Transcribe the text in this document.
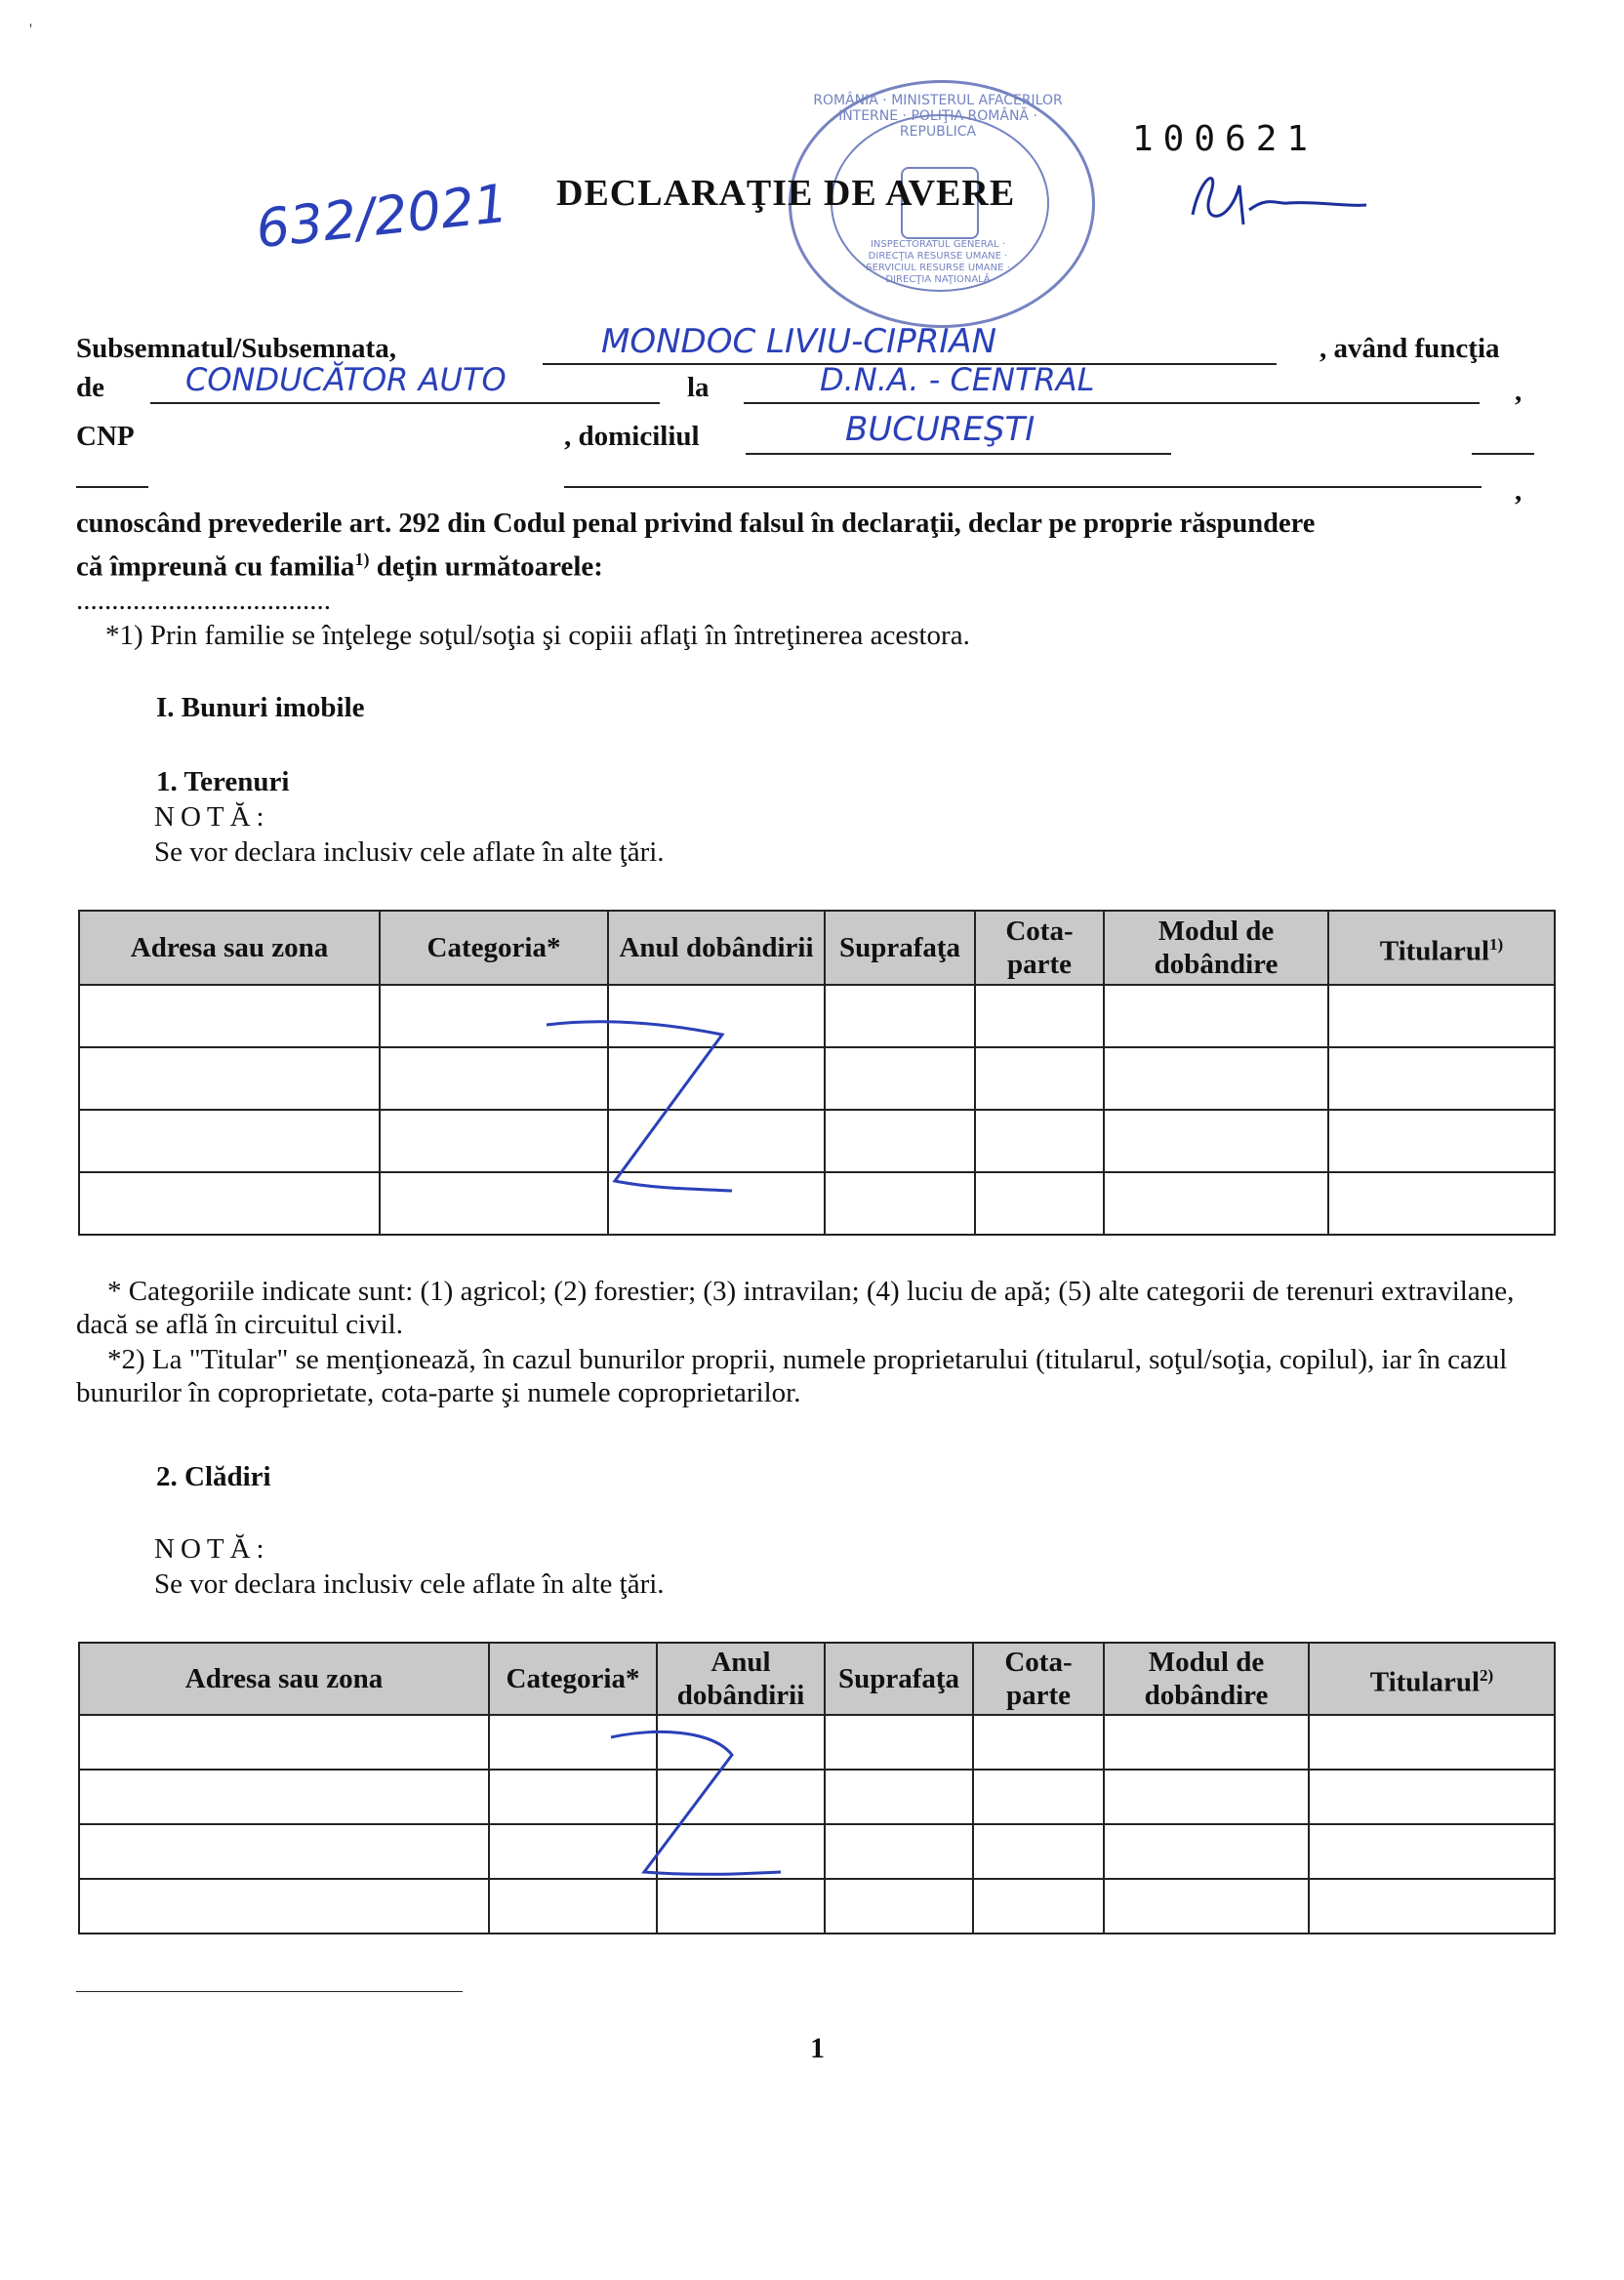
'
632/2021
100621
ROMÂNIA · MINISTERUL AFACERILOR INTERNE · POLIŢIA ROMÂNĂ · REPUBLICA
INSPECTORATUL GENERAL · DIRECŢIA RESURSE UMANE · SERVICIUL RESURSE UMANE · DIRECŢIA NAŢIONALĂ
DECLARAŢIE DE AVERE
Subsemnatul/Subsemnata,	MONDOC LIVIU-CIPRIAN	, având funcţia
de	CONDUCĂTOR AUTO	la	D.N.A. - CENTRAL	,
CNP	, domiciliul	BUCUREŞTI
,
cunoscând prevederile art. 292 din Codul penal privind falsul în declaraţii, declar pe proprie răspundere
că împreună cu familia$^{1)}$ deţin următoarele:
....................................
*1) Prin familie se înţelege soţul/soţia şi copiii aflaţi în întreţinerea acestora.
I. Bunuri imobile
1. Terenuri
NOTĂ:
Se vor declara inclusiv cele aflate în alte ţări.
Adresa sau zona	Categoria*	Anul dobândirii	Suprafaţa	Cota-parte	Modul de dobândire	Titularul$^{1)}$

* Categoriile indicate sunt: (1) agricol; (2) forestier; (3) intravilan; (4) luciu de apă; (5) alte categorii de terenuri extravilane, dacă se află în circuitul civil.
*2) La "Titular" se menţionează, în cazul bunurilor proprii, numele proprietarului (titularul, soţul/soţia, copilul), iar în cazul bunurilor în coproprietate, cota-parte şi numele coproprietarilor.
2. Clădiri
NOTĂ:
Se vor declara inclusiv cele aflate în alte ţări.
Adresa sau zona	Categoria*	Anul dobândirii	Suprafaţa	Cota-parte	Modul de dobândire	Titularul$^{2)}$

1
